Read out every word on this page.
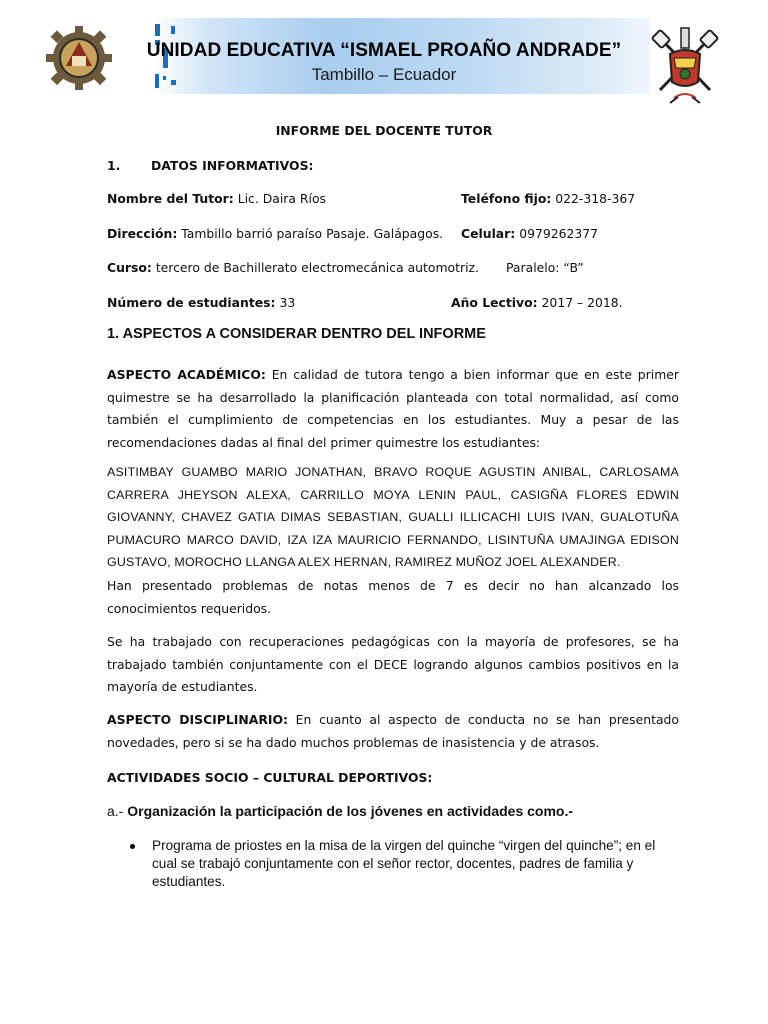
UNIDAD EDUCATIVA “ISMAEL PROAÑO ANDRADE”
Tambillo – Ecuador
INFORME DEL DOCENTE TUTOR
1. DATOS INFORMATIVOS:
Nombre del Tutor: Lic. Daira Ríos	Teléfono fijo: 022-318-367
Dirección: Tambillo barrió paraíso Pasaje. Galápagos. Celular: 0979262377
Curso: tercero de Bachillerato electromecánica automotriz. Paralelo: “B”
Número de estudiantes: 33	Año Lectivo: 2017 – 2018.
1. ASPECTOS A CONSIDERAR DENTRO DEL INFORME
ASPECTO ACADÉMICO: En calidad de tutora tengo a bien informar que en este primer quimestre se ha desarrollado la planificación planteada con total normalidad, así como también el cumplimiento de competencias en los estudiantes. Muy a pesar de las recomendaciones dadas al final del primer quimestre los estudiantes:
ASITIMBAY GUAMBO MARIO JONATHAN, BRAVO ROQUE AGUSTIN ANIBAL, CARLOSAMA CARRERA JHEYSON ALEXA, CARRILLO MOYA LENIN PAUL, CASIGÑA FLORES EDWIN GIOVANNY, CHAVEZ GATIA DIMAS SEBASTIAN, GUALLI ILLICACHI LUIS IVAN, GUALOTUÑA PUMACURO MARCO DAVID, IZA IZA MAURICIO FERNANDO, LISINTUÑA UMAJINGA EDISON GUSTAVO, MOROCHO LLANGA ALEX HERNAN, RAMIREZ MUÑOZ JOEL ALEXANDER.
Han presentado problemas de notas menos de 7 es decir no han alcanzado los conocimientos requeridos.
Se ha trabajado con recuperaciones pedagógicas con la mayoría de profesores, se ha trabajado también conjuntamente con el DECE logrando algunos cambios positivos en la mayoría de estudiantes.
ASPECTO DISCIPLINARIO: En cuanto al aspecto de conducta no se han presentado novedades, pero si se ha dado muchos problemas de inasistencia y de atrasos.
ACTIVIDADES SOCIO – CULTURAL DEPORTIVOS:
a.- Organización la participación de los jóvenes en actividades como.-
Programa de priostes en la misa de la virgen del quinche “virgen del quinche”; en el cual se trabajó conjuntamente con el señor rector, docentes, padres de familia y estudiantes.
